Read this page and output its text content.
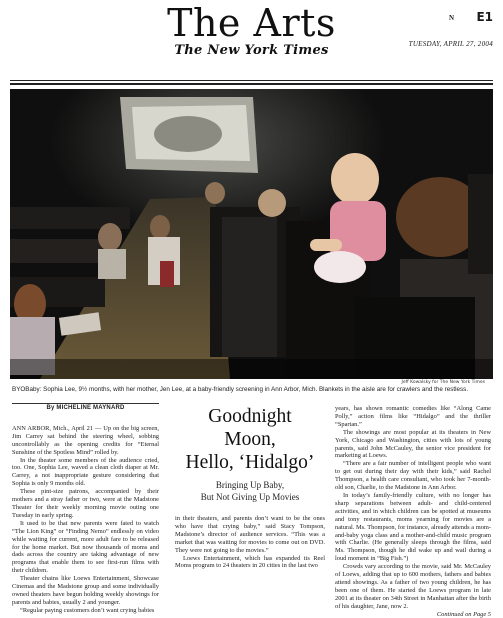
The Arts
The New York Times
N E1
TUESDAY, APRIL 27, 2004
Jeff Kowalsky for The New York Times
BYOBaby: Sophia Lee, 9½ months, with her mother, Jen Lee, at a baby-friendly screening in Ann Arbor, Mich. Blankets in the aisle are for crawlers and the restless.
By MICHELINE MAYNARD

ANN ARBOR, Mich., April 21 — Up on the big screen, Jim Carrey sat behind the steering wheel, sobbing uncontrollably as the opening credits for “Eternal Sunshine of the Spotless Mind” rolled by.

In the theater some members of the audience cried, too. One, Sophia Lee, waved a clean cloth diaper at Mr. Carrey, a not inappropriate gesture considering that Sophia is only 9 months old.

These pint-size patrons, accompanied by their mothers and a stray father or two, were at the Madstone Theater for their weekly morning movie outing one Tuesday in early spring.

It used to be that new parents were fated to watch “The Lion King” or “Finding Nemo” endlessly on video while waiting for current, more adult fare to be released for the home market. But now thousands of moms and dads across the country are taking advantage of new programs that enable them to see first-run films with their children.

Theater chains like Loews Entertainment, Showcase Cinemas and the Madstone group and some individually owned theaters have begun holding weekly showings for parents and babies, usually 2 and younger.

“Regular paying customers don’t want crying babies

Goodnight
Moon,
Hello, ‘Hidalgo’
Bringing Up Baby,
But Not Giving Up Movies

in their theaters, and parents don’t want to be the ones who have that crying baby,” said Stacy Tompson, Madstone’s director of audience services. “This was a market that was waiting for movies to come out on DVD. They were not going to the movies.”

Loews Entertainment, which has expanded its Reel Moms program to 24 theaters in 20 cities in the last two

years, has shown romantic comedies like “Along Came Polly,” action films like “Hidalgo” and the thriller “Spartan.”

The showings are most popular at its theaters in New York, Chicago and Washington, cities with lots of young parents, said John McCauley, the senior vice president for marketing at Loews.

“There are a fair number of intelligent people who want to get out during their day with their kids,” said Rachel Thompson, a health care consultant, who took her 7-month-old son, Charlie, to the Madstone in Ann Arbor.

In today’s family-friendly culture, with no longer has sharp separations between adult- and child-centered activities, and in which children can be spotted at museums and tony restaurants, moms yearning for movies are a natural. Ms. Thompson, for instance, already attends a mom-and-baby yoga class and a mother-and-child music program with Charlie. (He generally sleeps through the films, said Ms. Thompson, though he did wake up and wail during a loud moment in “Big Fish.”)

Crowds vary according to the movie, said Mr. McCauley of Loews, adding that up to 600 mothers, fathers and babies attend showings. As a father of two young children, he has been one of them. He started the Loews program in late 2001 at its theater on 34th Street in Manhattan after the birth of his daughter, Jane, now 2.

Continued on Page 5
